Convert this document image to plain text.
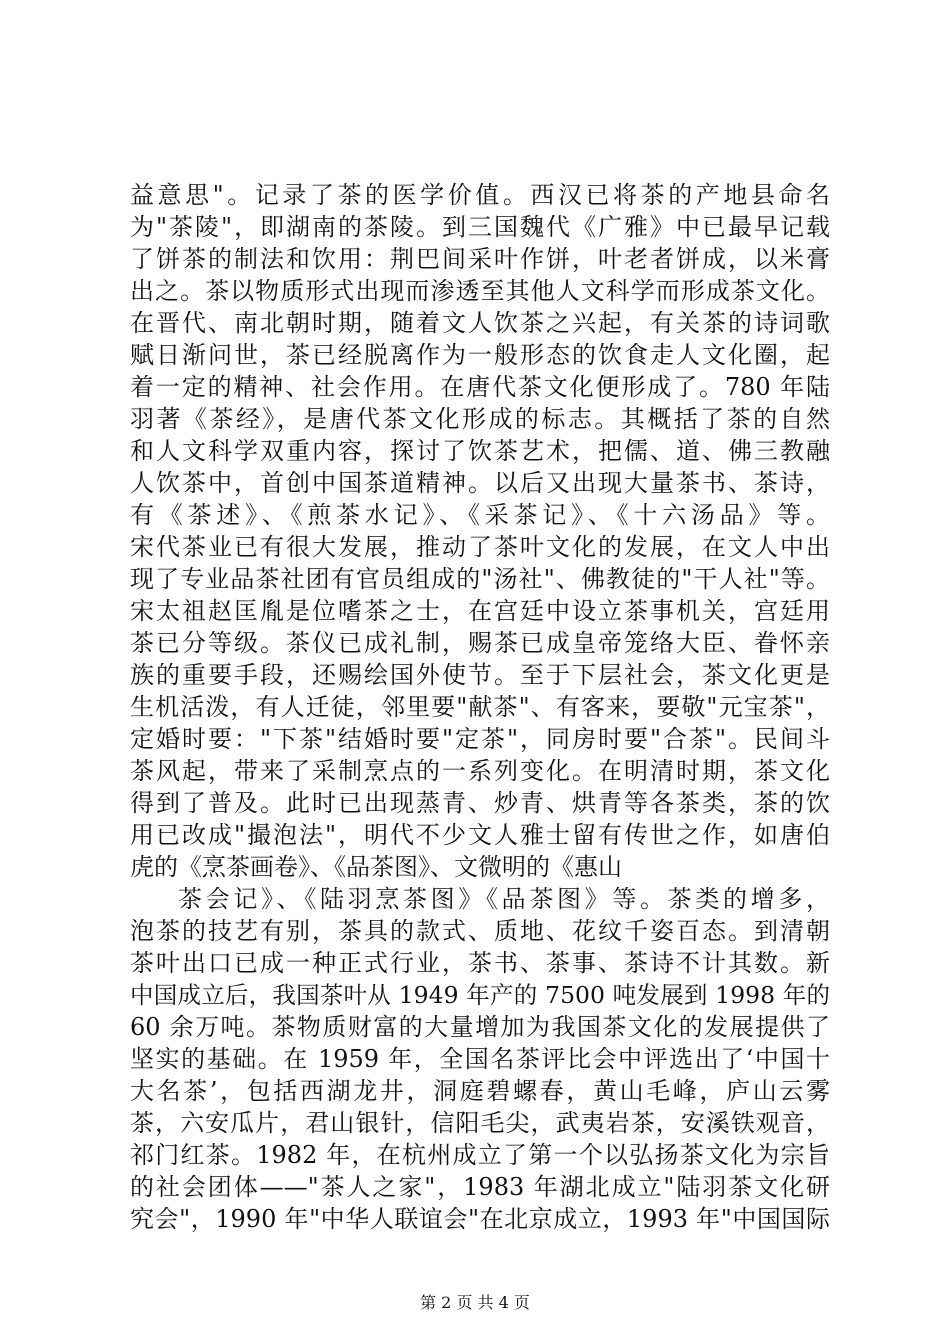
益意思"。记录了茶的医学价值。西汉已将茶的产地县命名
为"茶陵"，即湖南的茶陵。到三国魏代《广雅》中已最早记载
了饼茶的制法和饮用：荆巴间采叶作饼，叶老者饼成，以米膏
出之。茶以物质形式出现而渗透至其他人文科学而形成茶文化。
在晋代、南北朝时期，随着文人饮茶之兴起，有关茶的诗词歌
赋日渐问世，茶已经脱离作为一般形态的饮食走人文化圈，起
着一定的精神、社会作用。在唐代茶文化便形成了。780 年陆
羽著《茶经》，是唐代茶文化形成的标志。其概括了茶的自然
和人文科学双重内容，探讨了饮茶艺术，把儒、道、佛三教融
人饮茶中，首创中国茶道精神。以后又出现大量茶书、茶诗，
有《茶述》、《煎茶水记》、《采茶记》、《十六汤品》等。
宋代茶业已有很大发展，推动了茶叶文化的发展，在文人中出
现了专业品茶社团有官员组成的"汤社"、佛教徒的"干人社"等。
宋太祖赵匡胤是位嗜茶之士，在宫廷中设立茶事机关，宫廷用
茶已分等级。茶仪已成礼制，赐茶已成皇帝笼络大臣、眷怀亲
族的重要手段，还赐绘国外使节。至于下层社会，茶文化更是
生机活泼，有人迁徒，邻里要"献茶"、有客来，要敬"元宝茶"，
定婚时要："下茶"结婚时要"定茶"，同房时要"合茶"。民间斗
茶风起，带来了采制烹点的一系列变化。在明清时期，茶文化
得到了普及。此时已出现蒸青、炒青、烘青等各茶类，茶的饮
用已改成"撮泡法"，明代不少文人雅士留有传世之作，如唐伯
虎的《烹茶画卷》、《品茶图》、文微明的《惠山
茶会记》、《陆羽烹茶图》《品茶图》等。茶类的增多，
泡茶的技艺有别，茶具的款式、质地、花纹千姿百态。到清朝
茶叶出口已成一种正式行业，茶书、茶事、茶诗不计其数。新
中国成立后，我国茶叶从 1949 年产的 7500 吨发展到 1998 年的
60 余万吨。茶物质财富的大量增加为我国茶文化的发展提供了
坚实的基础。在 1959 年，全国名茶评比会中评选出了‘中国十
大名茶’，包括西湖龙井，洞庭碧螺春，黄山毛峰，庐山云雾
茶，六安瓜片，君山银针，信阳毛尖，武夷岩茶，安溪铁观音，
祁门红茶。1982 年，在杭州成立了第一个以弘扬茶文化为宗旨
的社会团体——"茶人之家"，1983 年湖北成立"陆羽茶文化研
究会"，1990 年"中华人联谊会"在北京成立，1993 年"中国国际
第 2 页 共 4 页
